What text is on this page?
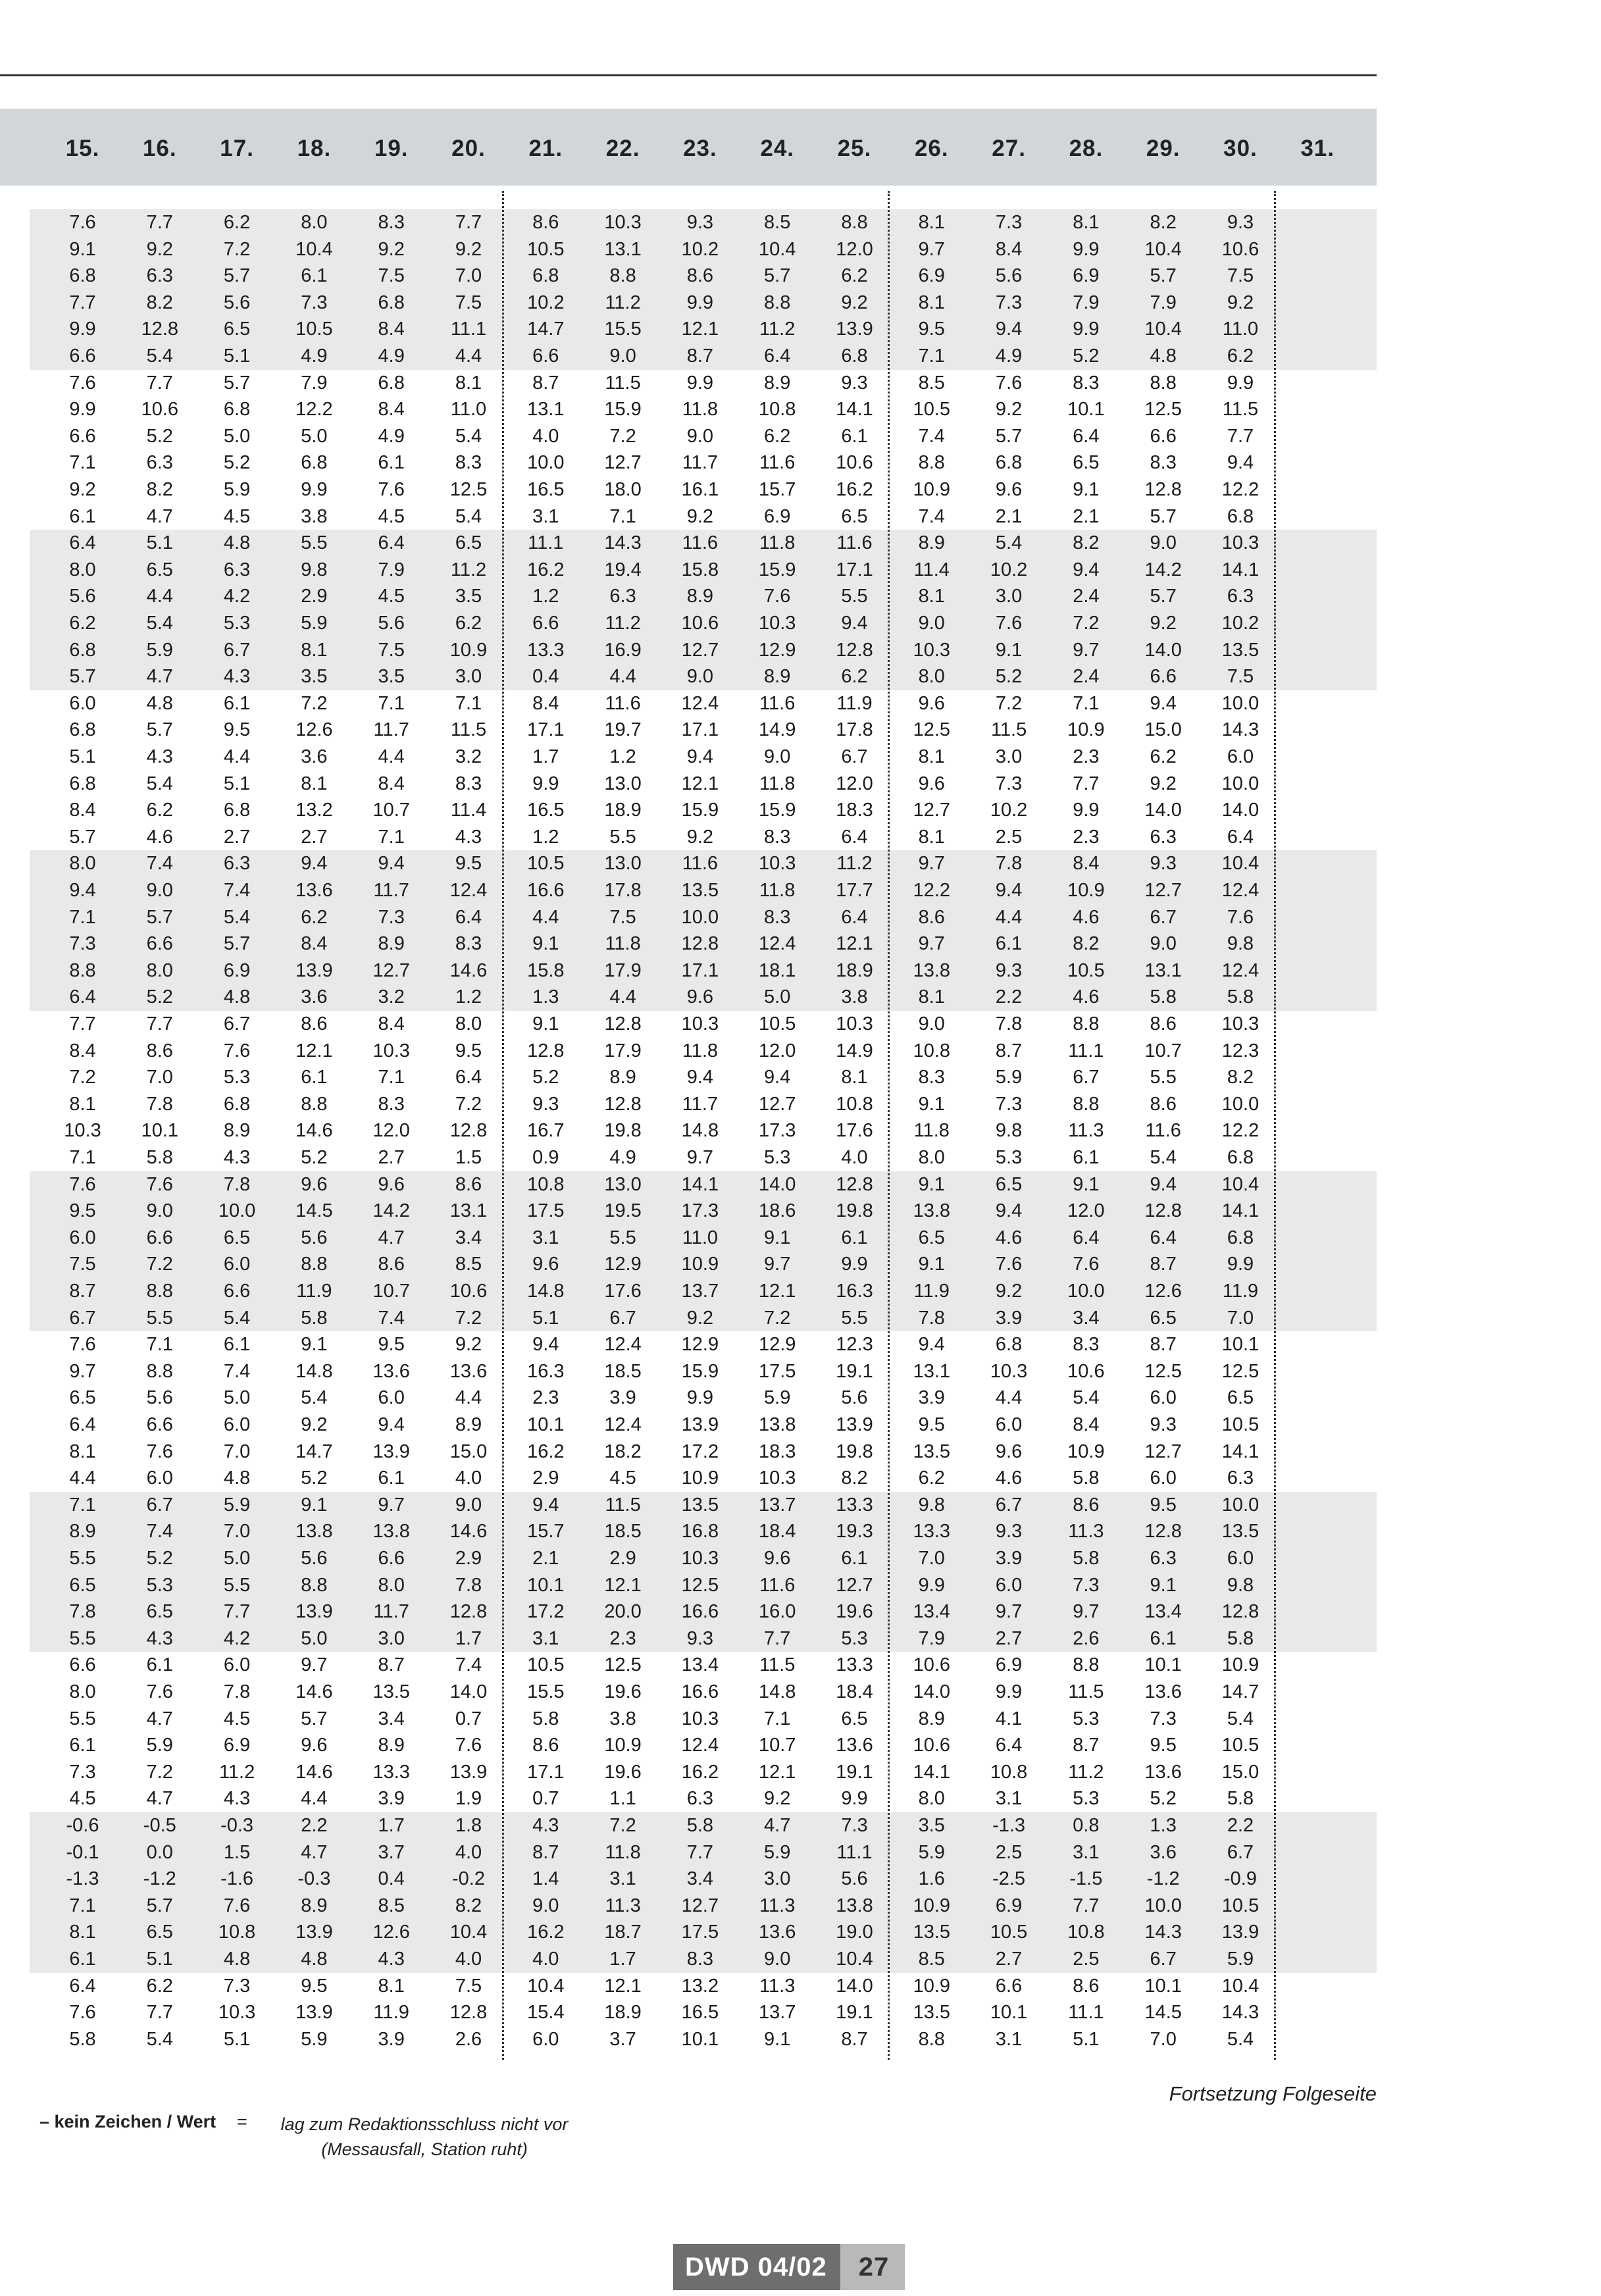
15.	16.	17.	18.	19.	20.	21.	22.	23.	24.	25.	26.	27.	28.	29.	30.	31.
7.6	7.7	6.2	8.0	8.3	7.7	8.6	10.3	9.3	8.5	8.8	8.1	7.3	8.1	8.2	9.3
9.1	9.2	7.2	10.4	9.2	9.2	10.5	13.1	10.2	10.4	12.0	9.7	8.4	9.9	10.4	10.6
6.8	6.3	5.7	6.1	7.5	7.0	6.8	8.8	8.6	5.7	6.2	6.9	5.6	6.9	5.7	7.5
7.7	8.2	5.6	7.3	6.8	7.5	10.2	11.2	9.9	8.8	9.2	8.1	7.3	7.9	7.9	9.2
9.9	12.8	6.5	10.5	8.4	11.1	14.7	15.5	12.1	11.2	13.9	9.5	9.4	9.9	10.4	11.0
6.6	5.4	5.1	4.9	4.9	4.4	6.6	9.0	8.7	6.4	6.8	7.1	4.9	5.2	4.8	6.2
7.6	7.7	5.7	7.9	6.8	8.1	8.7	11.5	9.9	8.9	9.3	8.5	7.6	8.3	8.8	9.9
9.9	10.6	6.8	12.2	8.4	11.0	13.1	15.9	11.8	10.8	14.1	10.5	9.2	10.1	12.5	11.5
6.6	5.2	5.0	5.0	4.9	5.4	4.0	7.2	9.0	6.2	6.1	7.4	5.7	6.4	6.6	7.7
7.1	6.3	5.2	6.8	6.1	8.3	10.0	12.7	11.7	11.6	10.6	8.8	6.8	6.5	8.3	9.4
9.2	8.2	5.9	9.9	7.6	12.5	16.5	18.0	16.1	15.7	16.2	10.9	9.6	9.1	12.8	12.2
6.1	4.7	4.5	3.8	4.5	5.4	3.1	7.1	9.2	6.9	6.5	7.4	2.1	2.1	5.7	6.8
6.4	5.1	4.8	5.5	6.4	6.5	11.1	14.3	11.6	11.8	11.6	8.9	5.4	8.2	9.0	10.3
8.0	6.5	6.3	9.8	7.9	11.2	16.2	19.4	15.8	15.9	17.1	11.4	10.2	9.4	14.2	14.1
5.6	4.4	4.2	2.9	4.5	3.5	1.2	6.3	8.9	7.6	5.5	8.1	3.0	2.4	5.7	6.3
6.2	5.4	5.3	5.9	5.6	6.2	6.6	11.2	10.6	10.3	9.4	9.0	7.6	7.2	9.2	10.2
6.8	5.9	6.7	8.1	7.5	10.9	13.3	16.9	12.7	12.9	12.8	10.3	9.1	9.7	14.0	13.5
5.7	4.7	4.3	3.5	3.5	3.0	0.4	4.4	9.0	8.9	6.2	8.0	5.2	2.4	6.6	7.5
6.0	4.8	6.1	7.2	7.1	7.1	8.4	11.6	12.4	11.6	11.9	9.6	7.2	7.1	9.4	10.0
6.8	5.7	9.5	12.6	11.7	11.5	17.1	19.7	17.1	14.9	17.8	12.5	11.5	10.9	15.0	14.3
5.1	4.3	4.4	3.6	4.4	3.2	1.7	1.2	9.4	9.0	6.7	8.1	3.0	2.3	6.2	6.0
6.8	5.4	5.1	8.1	8.4	8.3	9.9	13.0	12.1	11.8	12.0	9.6	7.3	7.7	9.2	10.0
8.4	6.2	6.8	13.2	10.7	11.4	16.5	18.9	15.9	15.9	18.3	12.7	10.2	9.9	14.0	14.0
5.7	4.6	2.7	2.7	7.1	4.3	1.2	5.5	9.2	8.3	6.4	8.1	2.5	2.3	6.3	6.4
8.0	7.4	6.3	9.4	9.4	9.5	10.5	13.0	11.6	10.3	11.2	9.7	7.8	8.4	9.3	10.4
9.4	9.0	7.4	13.6	11.7	12.4	16.6	17.8	13.5	11.8	17.7	12.2	9.4	10.9	12.7	12.4
7.1	5.7	5.4	6.2	7.3	6.4	4.4	7.5	10.0	8.3	6.4	8.6	4.4	4.6	6.7	7.6
7.3	6.6	5.7	8.4	8.9	8.3	9.1	11.8	12.8	12.4	12.1	9.7	6.1	8.2	9.0	9.8
8.8	8.0	6.9	13.9	12.7	14.6	15.8	17.9	17.1	18.1	18.9	13.8	9.3	10.5	13.1	12.4
6.4	5.2	4.8	3.6	3.2	1.2	1.3	4.4	9.6	5.0	3.8	8.1	2.2	4.6	5.8	5.8
7.7	7.7	6.7	8.6	8.4	8.0	9.1	12.8	10.3	10.5	10.3	9.0	7.8	8.8	8.6	10.3
8.4	8.6	7.6	12.1	10.3	9.5	12.8	17.9	11.8	12.0	14.9	10.8	8.7	11.1	10.7	12.3
7.2	7.0	5.3	6.1	7.1	6.4	5.2	8.9	9.4	9.4	8.1	8.3	5.9	6.7	5.5	8.2
8.1	7.8	6.8	8.8	8.3	7.2	9.3	12.8	11.7	12.7	10.8	9.1	7.3	8.8	8.6	10.0
10.3	10.1	8.9	14.6	12.0	12.8	16.7	19.8	14.8	17.3	17.6	11.8	9.8	11.3	11.6	12.2
7.1	5.8	4.3	5.2	2.7	1.5	0.9	4.9	9.7	5.3	4.0	8.0	5.3	6.1	5.4	6.8
7.6	7.6	7.8	9.6	9.6	8.6	10.8	13.0	14.1	14.0	12.8	9.1	6.5	9.1	9.4	10.4
9.5	9.0	10.0	14.5	14.2	13.1	17.5	19.5	17.3	18.6	19.8	13.8	9.4	12.0	12.8	14.1
6.0	6.6	6.5	5.6	4.7	3.4	3.1	5.5	11.0	9.1	6.1	6.5	4.6	6.4	6.4	6.8
7.5	7.2	6.0	8.8	8.6	8.5	9.6	12.9	10.9	9.7	9.9	9.1	7.6	7.6	8.7	9.9
8.7	8.8	6.6	11.9	10.7	10.6	14.8	17.6	13.7	12.1	16.3	11.9	9.2	10.0	12.6	11.9
6.7	5.5	5.4	5.8	7.4	7.2	5.1	6.7	9.2	7.2	5.5	7.8	3.9	3.4	6.5	7.0
7.6	7.1	6.1	9.1	9.5	9.2	9.4	12.4	12.9	12.9	12.3	9.4	6.8	8.3	8.7	10.1
9.7	8.8	7.4	14.8	13.6	13.6	16.3	18.5	15.9	17.5	19.1	13.1	10.3	10.6	12.5	12.5
6.5	5.6	5.0	5.4	6.0	4.4	2.3	3.9	9.9	5.9	5.6	3.9	4.4	5.4	6.0	6.5
6.4	6.6	6.0	9.2	9.4	8.9	10.1	12.4	13.9	13.8	13.9	9.5	6.0	8.4	9.3	10.5
8.1	7.6	7.0	14.7	13.9	15.0	16.2	18.2	17.2	18.3	19.8	13.5	9.6	10.9	12.7	14.1
4.4	6.0	4.8	5.2	6.1	4.0	2.9	4.5	10.9	10.3	8.2	6.2	4.6	5.8	6.0	6.3
7.1	6.7	5.9	9.1	9.7	9.0	9.4	11.5	13.5	13.7	13.3	9.8	6.7	8.6	9.5	10.0
8.9	7.4	7.0	13.8	13.8	14.6	15.7	18.5	16.8	18.4	19.3	13.3	9.3	11.3	12.8	13.5
5.5	5.2	5.0	5.6	6.6	2.9	2.1	2.9	10.3	9.6	6.1	7.0	3.9	5.8	6.3	6.0
6.5	5.3	5.5	8.8	8.0	7.8	10.1	12.1	12.5	11.6	12.7	9.9	6.0	7.3	9.1	9.8
7.8	6.5	7.7	13.9	11.7	12.8	17.2	20.0	16.6	16.0	19.6	13.4	9.7	9.7	13.4	12.8
5.5	4.3	4.2	5.0	3.0	1.7	3.1	2.3	9.3	7.7	5.3	7.9	2.7	2.6	6.1	5.8
6.6	6.1	6.0	9.7	8.7	7.4	10.5	12.5	13.4	11.5	13.3	10.6	6.9	8.8	10.1	10.9
8.0	7.6	7.8	14.6	13.5	14.0	15.5	19.6	16.6	14.8	18.4	14.0	9.9	11.5	13.6	14.7
5.5	4.7	4.5	5.7	3.4	0.7	5.8	3.8	10.3	7.1	6.5	8.9	4.1	5.3	7.3	5.4
6.1	5.9	6.9	9.6	8.9	7.6	8.6	10.9	12.4	10.7	13.6	10.6	6.4	8.7	9.5	10.5
7.3	7.2	11.2	14.6	13.3	13.9	17.1	19.6	16.2	12.1	19.1	14.1	10.8	11.2	13.6	15.0
4.5	4.7	4.3	4.4	3.9	1.9	0.7	1.1	6.3	9.2	9.9	8.0	3.1	5.3	5.2	5.8
-0.6	-0.5	-0.3	2.2	1.7	1.8	4.3	7.2	5.8	4.7	7.3	3.5	-1.3	0.8	1.3	2.2
-0.1	0.0	1.5	4.7	3.7	4.0	8.7	11.8	7.7	5.9	11.1	5.9	2.5	3.1	3.6	6.7
-1.3	-1.2	-1.6	-0.3	0.4	-0.2	1.4	3.1	3.4	3.0	5.6	1.6	-2.5	-1.5	-1.2	-0.9
7.1	5.7	7.6	8.9	8.5	8.2	9.0	11.3	12.7	11.3	13.8	10.9	6.9	7.7	10.0	10.5
8.1	6.5	10.8	13.9	12.6	10.4	16.2	18.7	17.5	13.6	19.0	13.5	10.5	10.8	14.3	13.9
6.1	5.1	4.8	4.8	4.3	4.0	4.0	1.7	8.3	9.0	10.4	8.5	2.7	2.5	6.7	5.9
6.4	6.2	7.3	9.5	8.1	7.5	10.4	12.1	13.2	11.3	14.0	10.9	6.6	8.6	10.1	10.4
7.6	7.7	10.3	13.9	11.9	12.8	15.4	18.9	16.5	13.7	19.1	13.5	10.1	11.1	14.5	14.3
5.8	5.4	5.1	5.9	3.9	2.6	6.0	3.7	10.1	9.1	8.7	8.8	3.1	5.1	7.0	5.4
Fortsetzung Folgeseite
– kein Zeichen / Wert =	lag zum Redaktionsschluss nicht vor
(Messausfall, Station ruht)
DWD 04/02	27
